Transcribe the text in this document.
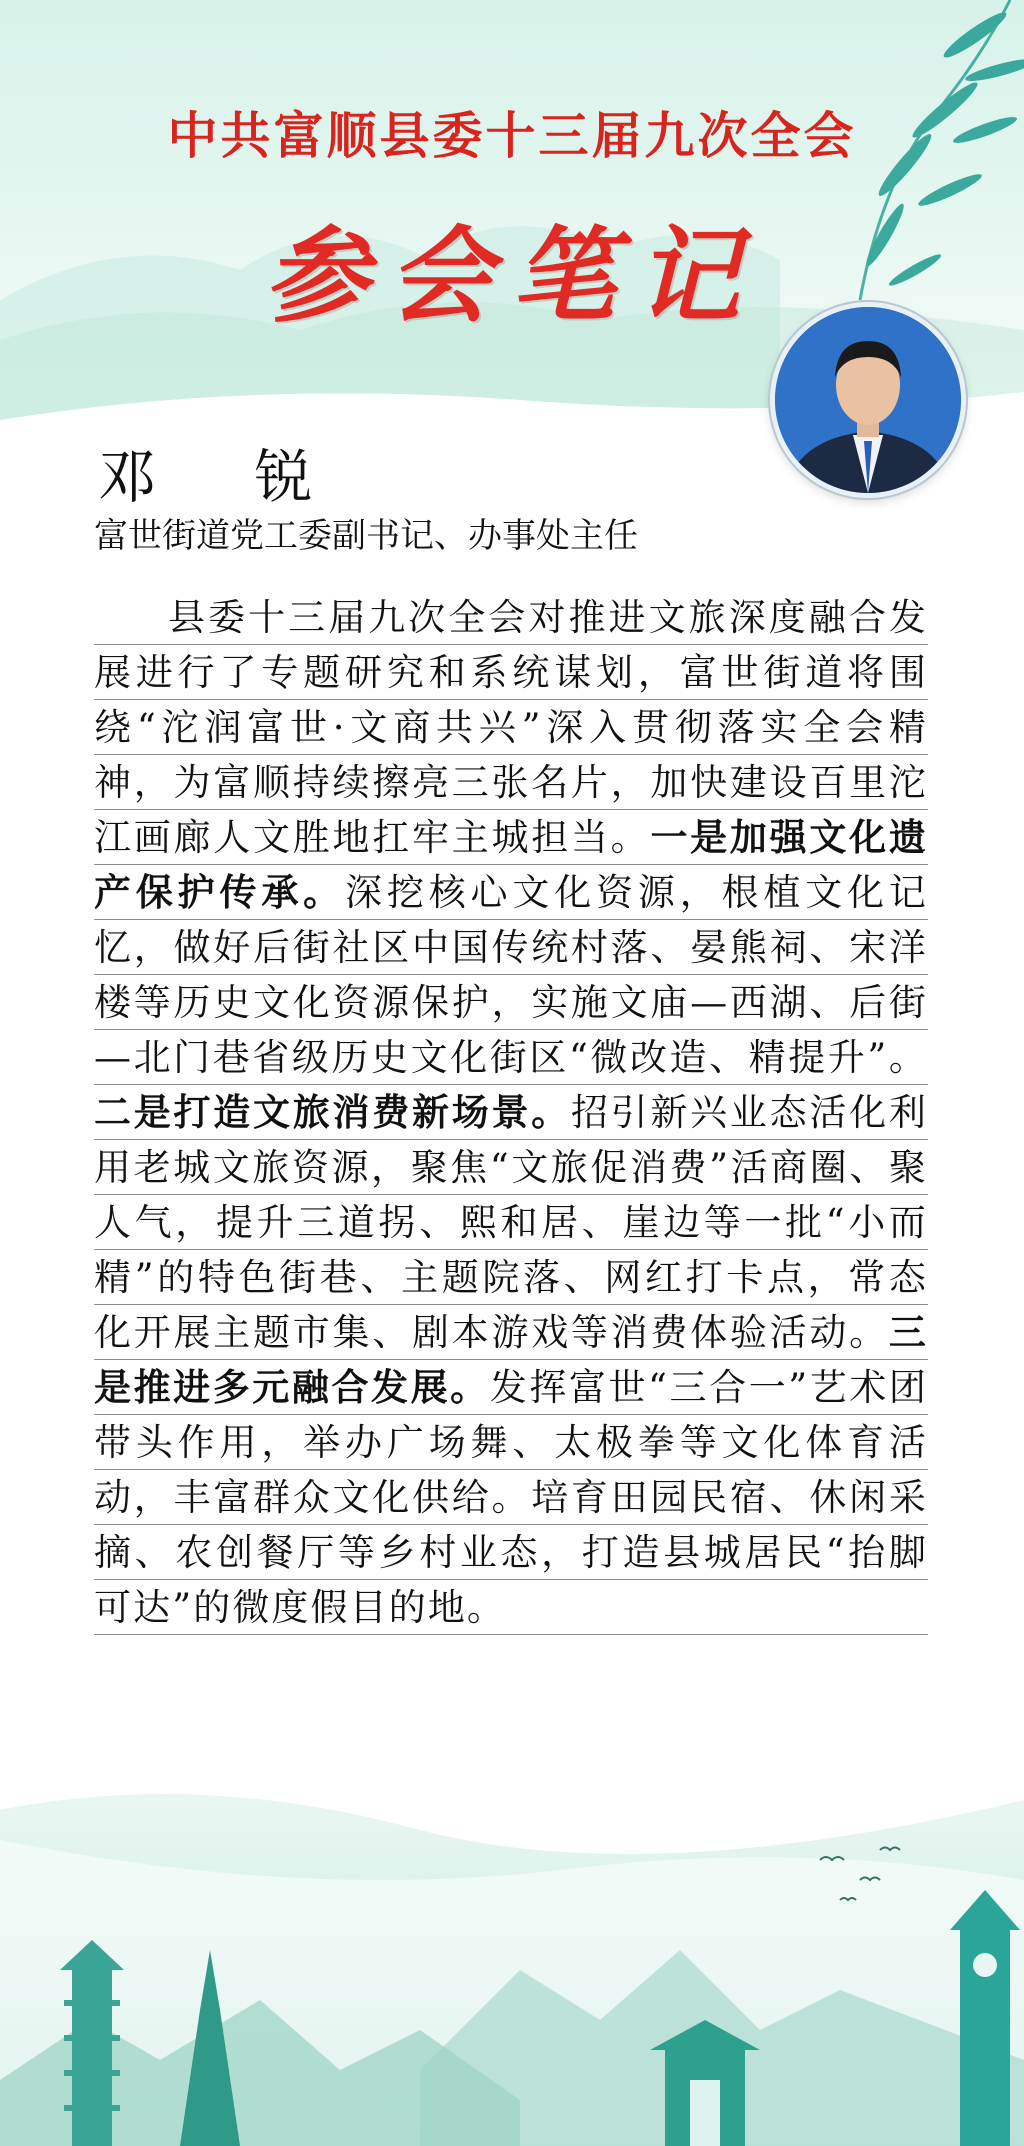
中共富顺县委十三届九次全会
参会笔记
邓 锐
富世街道党工委副书记、办事处主任

县委十三届九次全会对推进文旅深度融合发展进行了专题研究和系统谋划，富世街道将围绕“沱润富世·文商共兴”深入贯彻落实全会精神，为富顺持续擦亮三张名片，加快建设百里沱江画廊人文胜地扛牢主城担当。一是加强文化遗产保护传承。深挖核心文化资源，根植文化记忆，做好后街社区中国传统村落、晏熊祠、宋洋楼等历史文化资源保护，实施文庙—西湖、后街—北门巷省级历史文化街区“微改造、精提升”。二是打造文旅消费新场景。招引新兴业态活化利用老城文旅资源，聚焦“文旅促消费”活商圈、聚人气，提升三道拐、熙和居、崖边等一批“小而精”的特色街巷、主题院落、网红打卡点，常态化开展主题市集、剧本游戏等消费体验活动。三是推进多元融合发展。发挥富世“三合一”艺术团带头作用，举办广场舞、太极拳等文化体育活动，丰富群众文化供给。培育田园民宿、休闲采摘、农创餐厅等乡村业态，打造县城居民“抬脚可达”的微度假目的地。
